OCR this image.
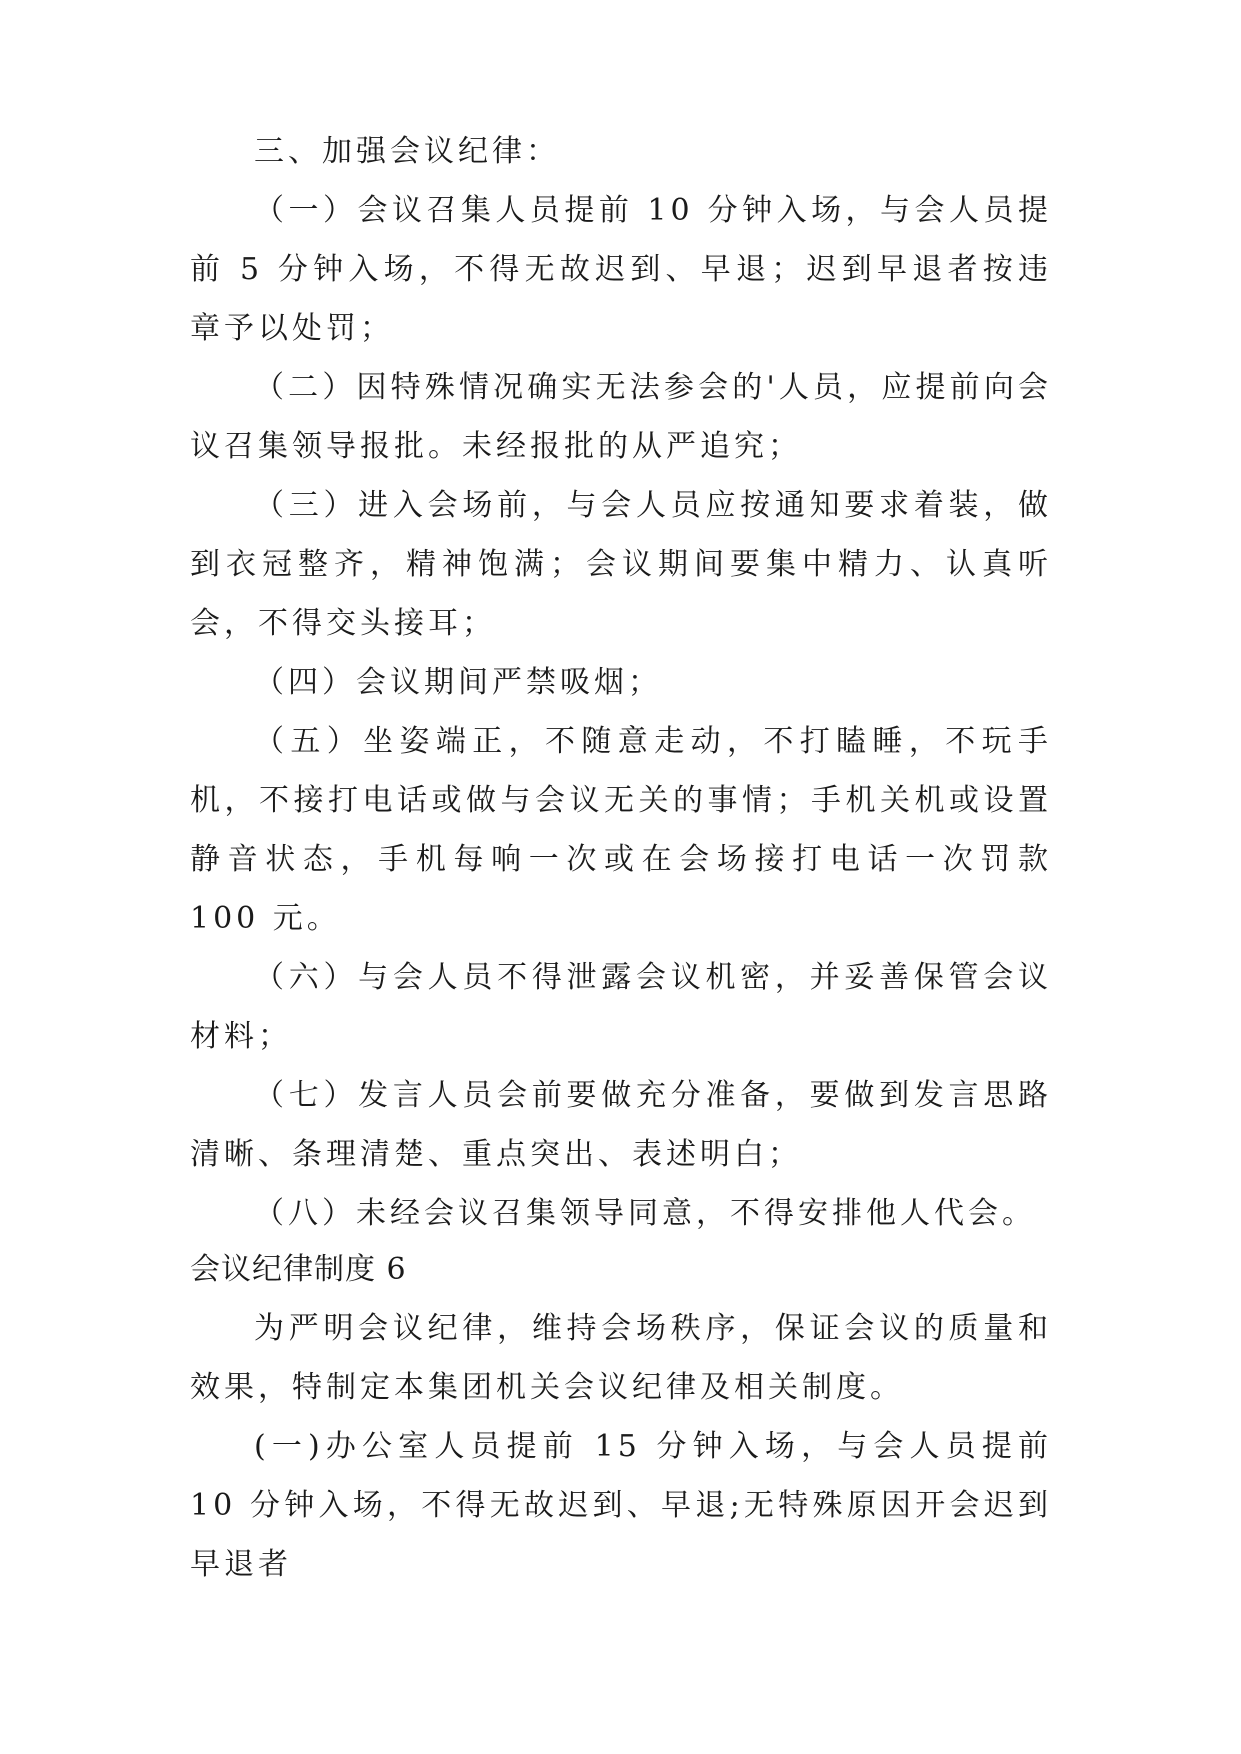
三、加强会议纪律：

（一）会议召集人员提前 10 分钟入场，与会人员提前 5 分钟入场，不得无故迟到、早退；迟到早退者按违章予以处罚；

（二）因特殊情况确实无法参会的'人员，应提前向会议召集领导报批。未经报批的从严追究；

（三）进入会场前，与会人员应按通知要求着装，做到衣冠整齐，精神饱满；会议期间要集中精力、认真听会，不得交头接耳；

（四）会议期间严禁吸烟；

（五）坐姿端正，不随意走动，不打瞌睡，不玩手机，不接打电话或做与会议无关的事情；手机关机或设置静音状态，手机每响一次或在会场接打电话一次罚款 100 元。

（六）与会人员不得泄露会议机密，并妥善保管会议材料；

（七）发言人员会前要做充分准备，要做到发言思路清晰、条理清楚、重点突出、表述明白；

（八）未经会议召集领导同意，不得安排他人代会。

会议纪律制度 6

为严明会议纪律，维持会场秩序，保证会议的质量和效果，特制定本集团机关会议纪律及相关制度。

(一)办公室人员提前 15 分钟入场，与会人员提前 10 分钟入场，不得无故迟到、早退;无特殊原因开会迟到早退者
